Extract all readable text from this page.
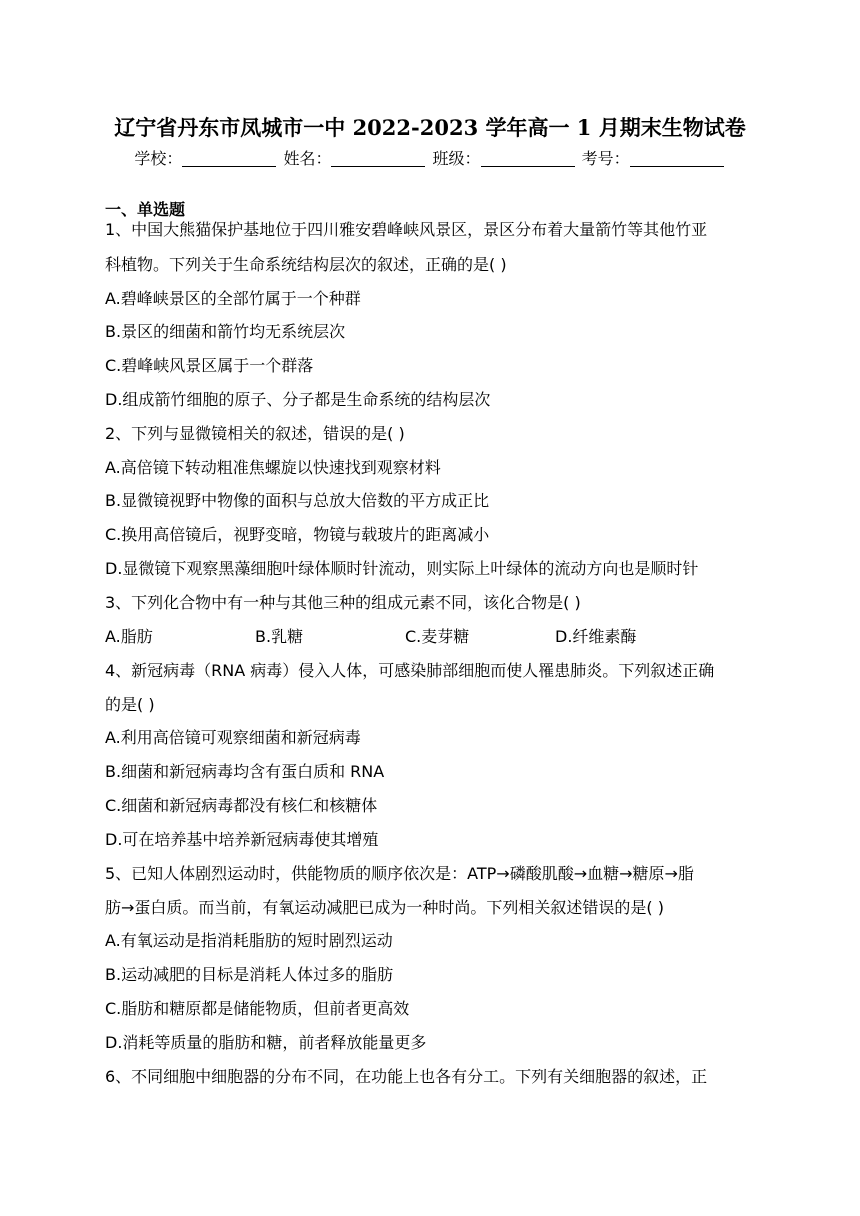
辽宁省丹东市凤城市一中 2022-2023 学年高一 1 月期末生物试卷
学校：	姓名：	班级：	考号：
一、单选题
1、中国大熊猫保护基地位于四川雅安碧峰峡风景区，景区分布着大量箭竹等其他竹亚
科植物。下列关于生命系统结构层次的叙述，正确的是( )
A.碧峰峡景区的全部竹属于一个种群
B.景区的细菌和箭竹均无系统层次
C.碧峰峡风景区属于一个群落
D.组成箭竹细胞的原子、分子都是生命系统的结构层次
2、下列与显微镜相关的叙述，错误的是( )
A.高倍镜下转动粗准焦螺旋以快速找到观察材料
B.显微镜视野中物像的面积与总放大倍数的平方成正比
C.换用高倍镜后，视野变暗，物镜与载玻片的距离减小
D.显微镜下观察黑藻细胞叶绿体顺时针流动，则实际上叶绿体的流动方向也是顺时针
3、下列化合物中有一种与其他三种的组成元素不同，该化合物是( )
A.脂肪	B.乳糖	C.麦芽糖	D.纤维素酶
4、新冠病毒（RNA 病毒）侵入人体，可感染肺部细胞而使人罹患肺炎。下列叙述正确
的是( )
A.利用高倍镜可观察细菌和新冠病毒
B.细菌和新冠病毒均含有蛋白质和 RNA
C.细菌和新冠病毒都没有核仁和核糖体
D.可在培养基中培养新冠病毒使其增殖
5、已知人体剧烈运动时，供能物质的顺序依次是：ATP→磷酸肌酸→血糖→糖原→脂
肪→蛋白质。而当前，有氧运动减肥已成为一种时尚。下列相关叙述错误的是( )
A.有氧运动是指消耗脂肪的短时剧烈运动
B.运动减肥的目标是消耗人体过多的脂肪
C.脂肪和糖原都是储能物质，但前者更高效
D.消耗等质量的脂肪和糖，前者释放能量更多
6、不同细胞中细胞器的分布不同，在功能上也各有分工。下列有关细胞器的叙述，正
